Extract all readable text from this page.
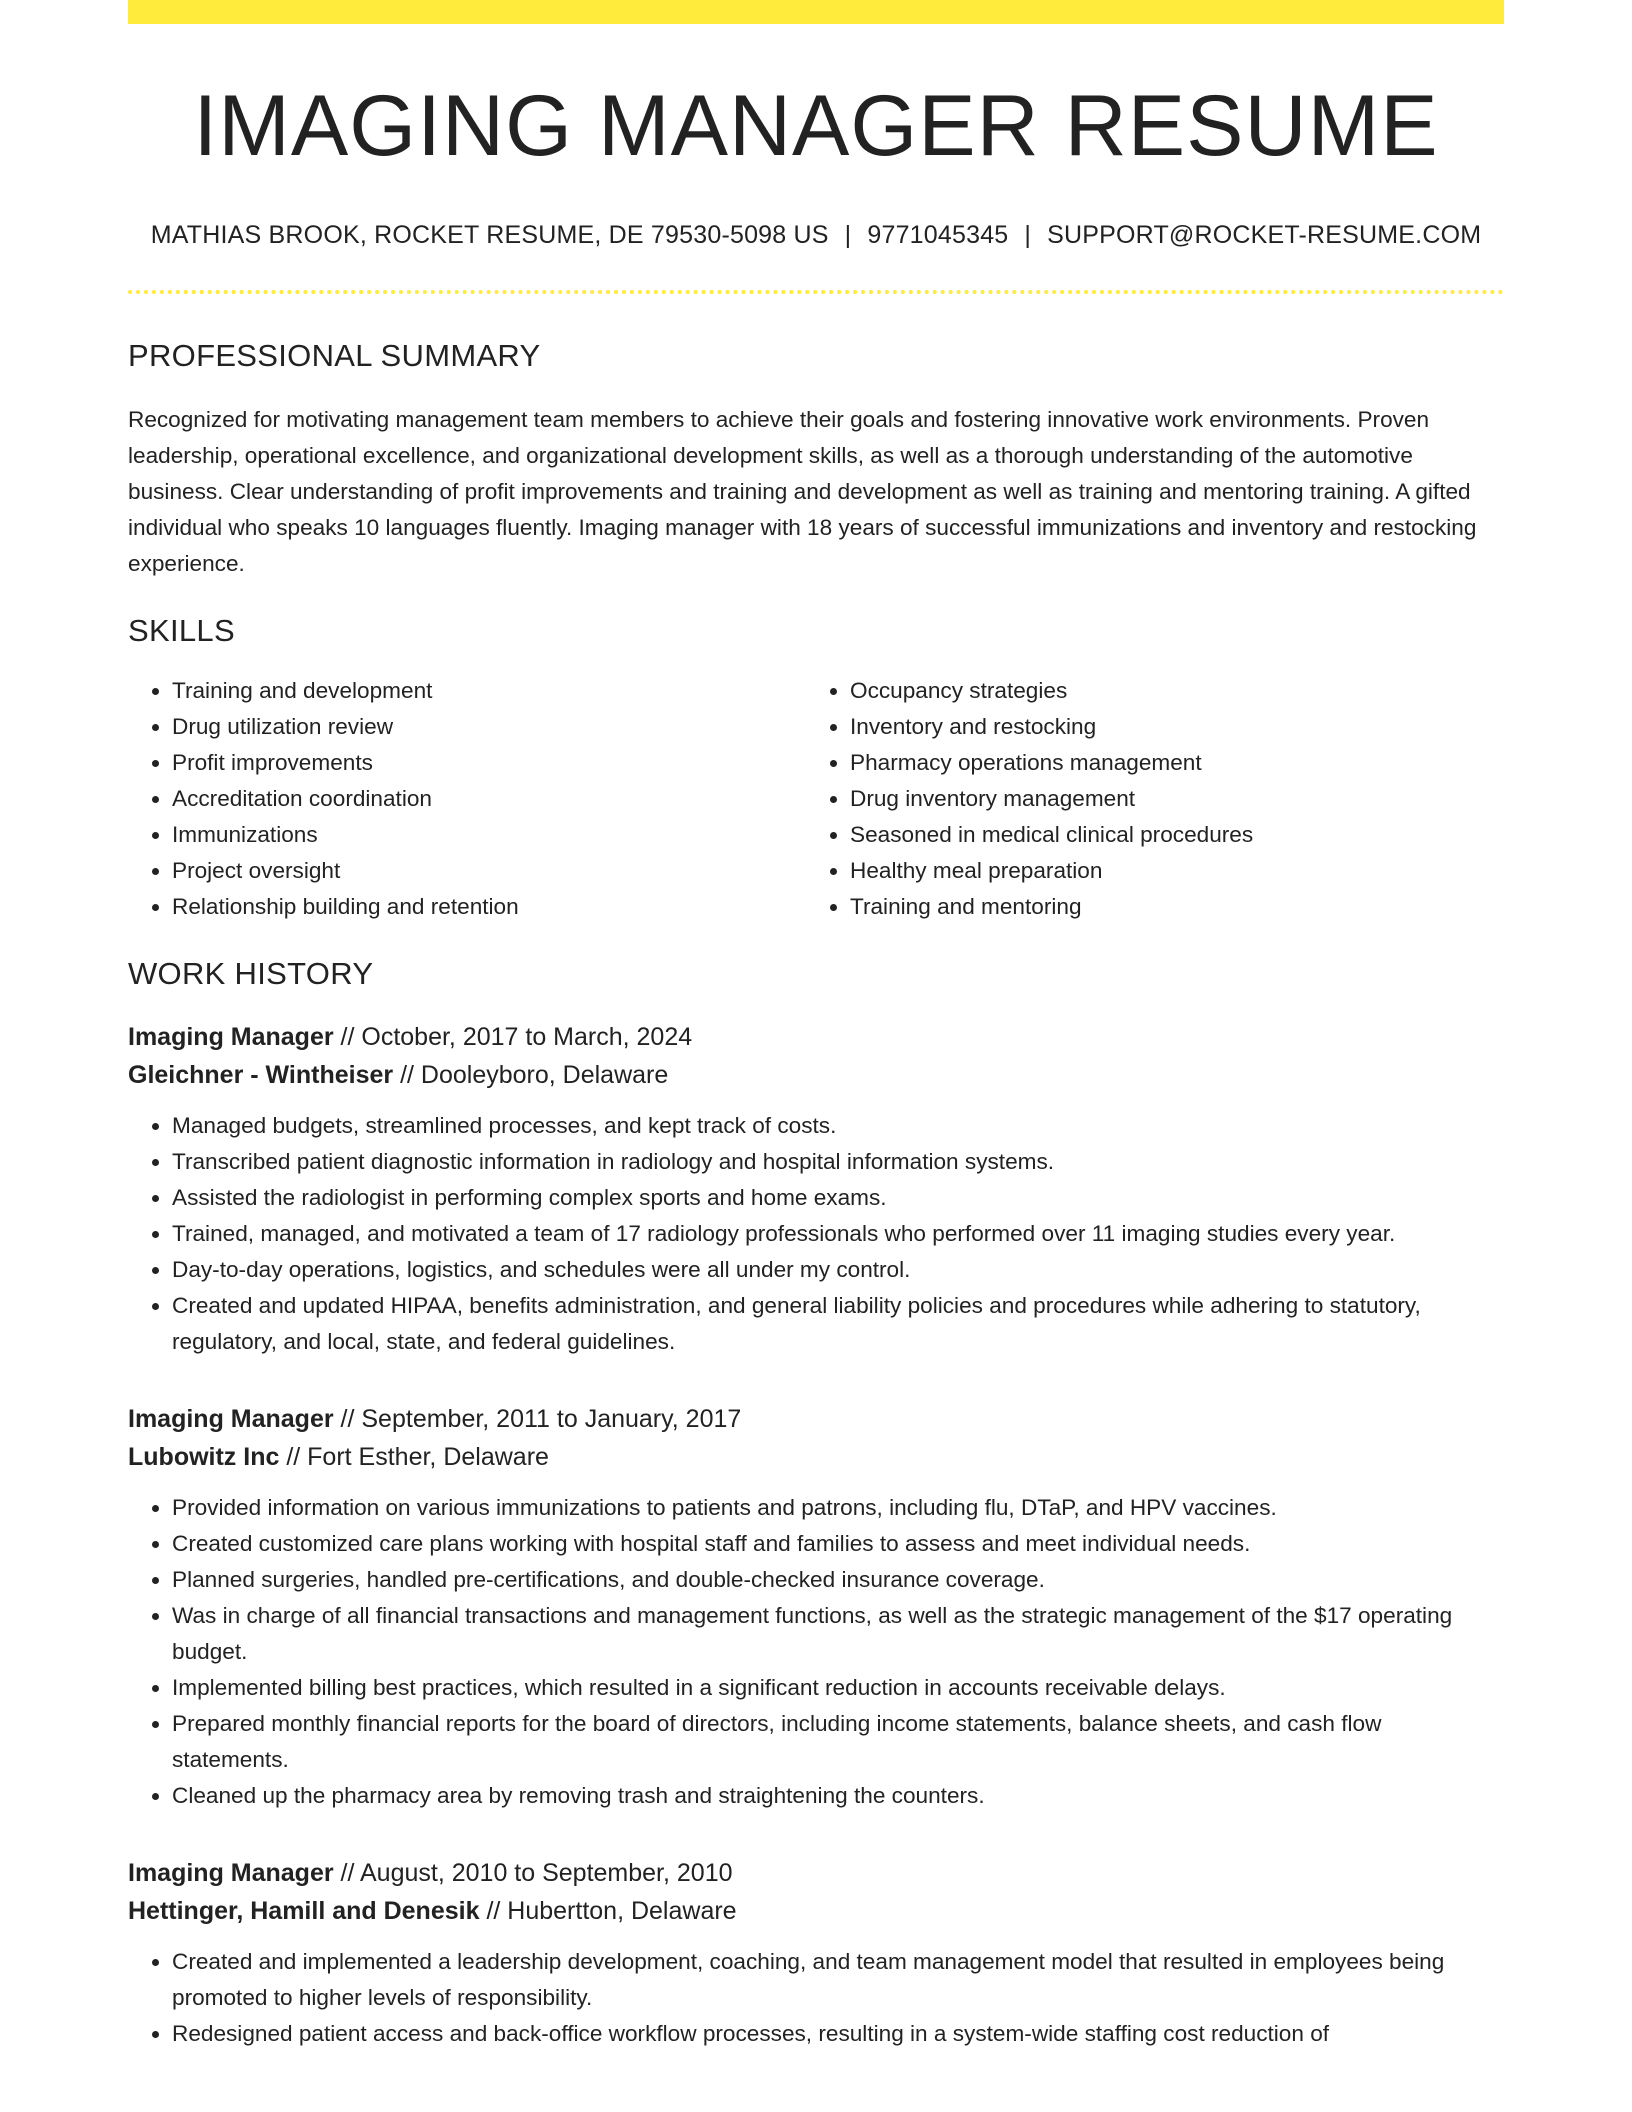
IMAGING MANAGER RESUME
MATHIAS BROOK, ROCKET RESUME, DE 79530-5098 US | 9771045345 | SUPPORT@ROCKET-RESUME.COM
PROFESSIONAL SUMMARY

Recognized for motivating management team members to achieve their goals and fostering innovative work environments. Proven leadership, operational excellence, and organizational development skills, as well as a thorough understanding of the automotive business. Clear understanding of profit improvements and training and development as well as training and mentoring training. A gifted individual who speaks 10 languages fluently. Imaging manager with 18 years of successful immunizations and inventory and restocking experience.

SKILLS
• Training and development
• Drug utilization review
• Profit improvements
• Accreditation coordination
• Immunizations
• Project oversight
• Relationship building and retention
• Occupancy strategies
• Inventory and restocking
• Pharmacy operations management
• Drug inventory management
• Seasoned in medical clinical procedures
• Healthy meal preparation
• Training and mentoring
WORK HISTORY
Imaging Manager // October, 2017 to March, 2024
Gleichner - Wintheiser // Dooleyboro, Delaware
• Managed budgets, streamlined processes, and kept track of costs.
• Transcribed patient diagnostic information in radiology and hospital information systems.
• Assisted the radiologist in performing complex sports and home exams.
• Trained, managed, and motivated a team of 17 radiology professionals who performed over 11 imaging studies every year.
• Day-to-day operations, logistics, and schedules were all under my control.
• Created and updated HIPAA, benefits administration, and general liability policies and procedures while adhering to statutory, regulatory, and local, state, and federal guidelines.
Imaging Manager // September, 2011 to January, 2017
Lubowitz Inc // Fort Esther, Delaware
• Provided information on various immunizations to patients and patrons, including flu, DTaP, and HPV vaccines.
• Created customized care plans working with hospital staff and families to assess and meet individual needs.
• Planned surgeries, handled pre-certifications, and double-checked insurance coverage.
• Was in charge of all financial transactions and management functions, as well as the strategic management of the $17 operating budget.
• Implemented billing best practices, which resulted in a significant reduction in accounts receivable delays.
• Prepared monthly financial reports for the board of directors, including income statements, balance sheets, and cash flow statements.
• Cleaned up the pharmacy area by removing trash and straightening the counters.
Imaging Manager // August, 2010 to September, 2010
Hettinger, Hamill and Denesik // Hubertton, Delaware
• Created and implemented a leadership development, coaching, and team management model that resulted in employees being promoted to higher levels of responsibility.
• Redesigned patient access and back-office workflow processes, resulting in a system-wide staffing cost reduction of
